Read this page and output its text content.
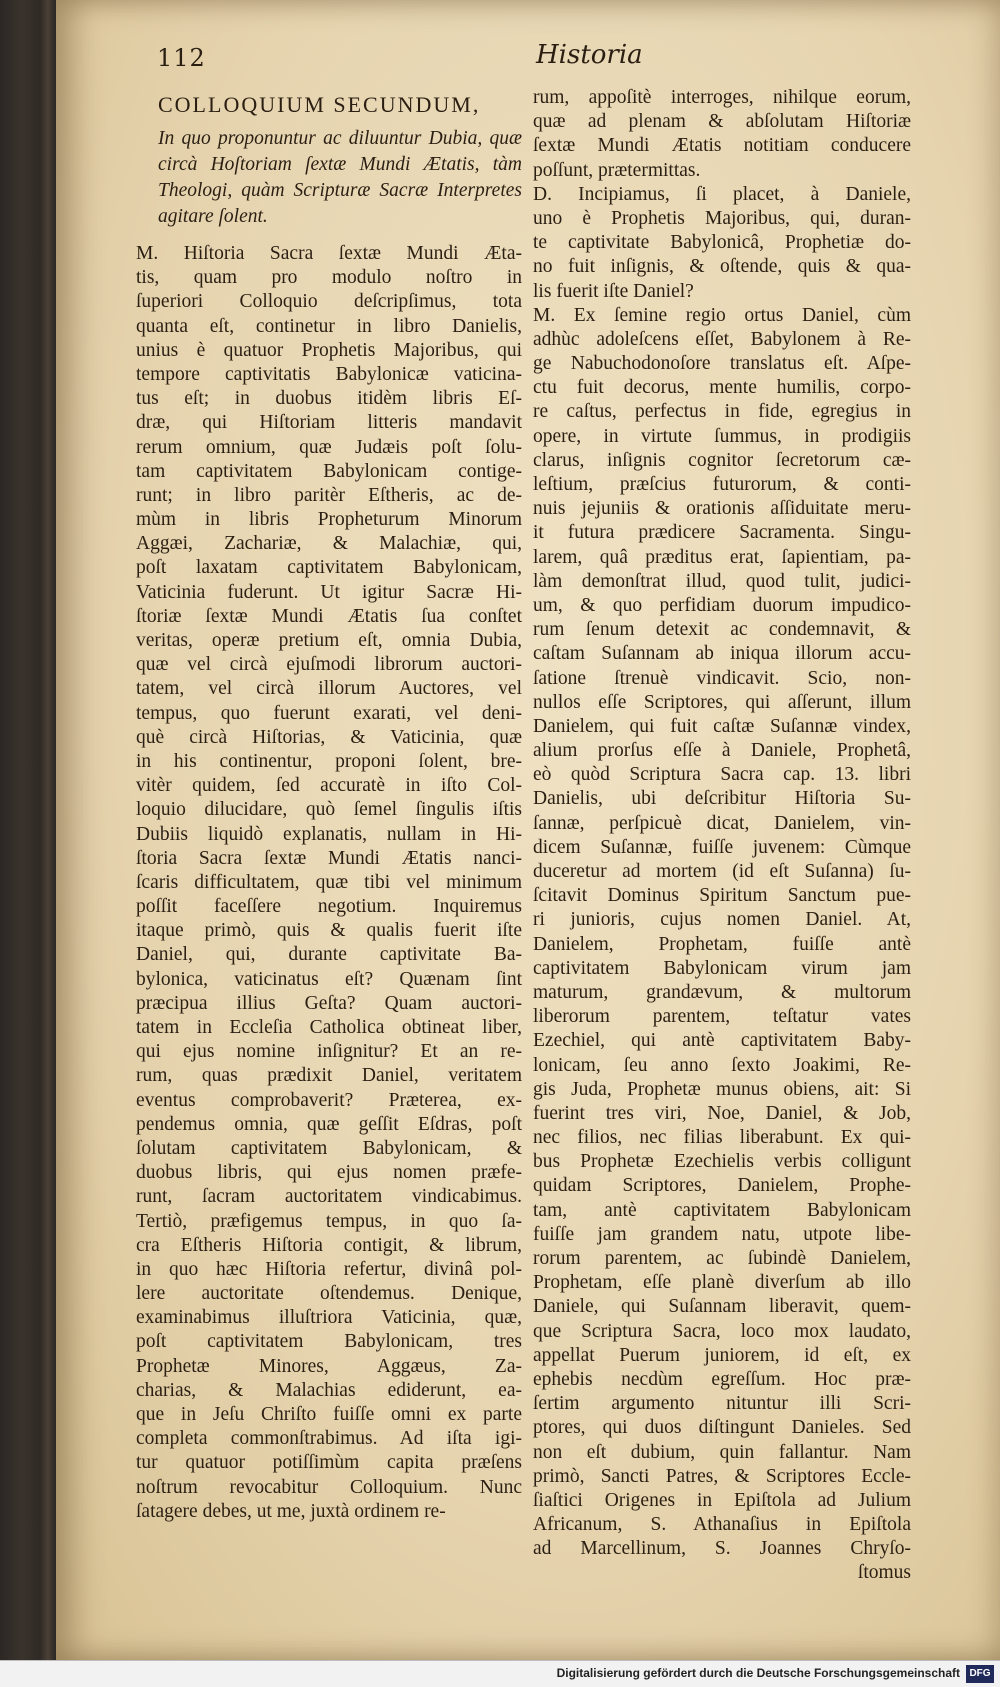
112	Historia
COLLOQUIUM SECUNDUM,
In quo proponuntur ac diluuntur Dubia, quæ circà Hoſtoriam ſextæ Mundi Ætatis, tàm Theologi, quàm Scripturæ Sacræ Interpretes agitare ſolent.
M. Hiſtoria Sacra ſextæ Mundi Æta-
tis, quam pro modulo noſtro in
ſuperiori Colloquio deſcripſimus, tota
quanta eſt, continetur in libro Danielis,
unius è quatuor Prophetis Majoribus, qui
tempore captivitatis Babylonicæ vaticina-
tus eſt; in duobus itidèm libris Eſ-
dræ, qui Hiſtoriam litteris mandavit
rerum omnium, quæ Judæis poſt ſolu-
tam captivitatem Babylonicam contige-
runt; in libro paritèr Eſtheris, ac de-
mùm in libris Propheturum Minorum
Aggæi, Zachariæ, & Malachiæ, qui,
poſt laxatam captivitatem Babylonicam,
Vaticinia fuderunt. Ut igitur Sacræ Hi-
ſtoriæ ſextæ Mundi Ætatis ſua conſtet
veritas, operæ pretium eſt, omnia Dubia,
quæ vel circà ejuſmodi librorum auctori-
tatem, vel circà illorum Auctores, vel
tempus, quo fuerunt exarati, vel deni-
què circà Hiſtorias, & Vaticinia, quæ
in his continentur, proponi ſolent, bre-
vitèr quidem, ſed accuratè in iſto Col-
loquio dilucidare, quò ſemel ſingulis iſtis
Dubiis liquidò explanatis, nullam in Hi-
ſtoria Sacra ſextæ Mundi Ætatis nanci-
ſcaris difficultatem, quæ tibi vel minimum
poſſit faceſſere negotium. Inquiremus
itaque primò, quis & qualis fuerit iſte
Daniel, qui, durante captivitate Ba-
bylonica, vaticinatus eſt? Quænam ſint
præcipua illius Geſta? Quam auctori-
tatem in Eccleſia Catholica obtineat liber,
qui ejus nomine inſignitur? Et an re-
rum, quas prædixit Daniel, veritatem
eventus comprobaverit? Præterea, ex-
pendemus omnia, quæ geſſit Eſdras, poſt
ſolutam captivitatem Babylonicam, &
duobus libris, qui ejus nomen præfe-
runt, ſacram auctoritatem vindicabimus.
Tertiò, præfigemus tempus, in quo ſa-
cra Eſtheris Hiſtoria contigit, & librum,
in quo hæc Hiſtoria refertur, divinâ pol-
lere auctoritate oſtendemus. Denique,
examinabimus illuſtriora Vaticinia, quæ,
poſt captivitatem Babylonicam, tres
Prophetæ Minores, Aggæus, Za-
charias, & Malachias ediderunt, ea-
que in Jeſu Chriſto fuiſſe omni ex parte
completa commonſtrabimus. Ad iſta igi-
tur quatuor potiſſimùm capita præſens
noſtrum revocabitur Colloquium. Nunc
ſatagere debes, ut me, juxtà ordinem re-
rum, appoſitè interroges, nihilque eorum,
quæ ad plenam & abſolutam Hiſtoriæ
ſextæ Mundi Ætatis notitiam conducere
poſſunt, prætermittas.
D. Incipiamus, ſi placet, à Daniele,
uno è Prophetis Majoribus, qui, duran-
te captivitate Babylonicâ, Prophetiæ do-
no fuit inſignis, & oſtende, quis & qua-
lis fuerit iſte Daniel?
M. Ex ſemine regio ortus Daniel, cùm
adhùc adoleſcens eſſet, Babylonem à Re-
ge Nabuchodonoſore translatus eſt. Aſpe-
ctu fuit decorus, mente humilis, corpo-
re caſtus, perfectus in fide, egregius in
opere, in virtute ſummus, in prodigiis
clarus, inſignis cognitor ſecretorum cæ-
leſtium, præſcius futurorum, & conti-
nuis jejuniis & orationis aſſiduitate meru-
it futura prædicere Sacramenta. Singu-
larem, quâ præditus erat, ſapientiam, pa-
làm demonſtrat illud, quod tulit, judici-
um, & quo perfidiam duorum impudico-
rum ſenum detexit ac condemnavit, &
caſtam Suſannam ab iniqua illorum accu-
ſatione ſtrenuè vindicavit. Scio, non-
nullos eſſe Scriptores, qui aſſerunt, illum
Danielem, qui fuit caſtæ Suſannæ vindex,
alium prorſus eſſe à Daniele, Prophetâ,
eò quòd Scriptura Sacra cap. 13. libri
Danielis, ubi deſcribitur Hiſtoria Su-
ſannæ, perſpicuè dicat, Danielem, vin-
dicem Suſannæ, fuiſſe juvenem: Cùmque
duceretur ad mortem (id eſt Suſanna) ſu-
ſcitavit Dominus Spiritum Sanctum pue-
ri junioris, cujus nomen Daniel. At,
Danielem, Prophetam, fuiſſe antè
captivitatem Babylonicam virum jam
maturum, grandævum, & multorum
liberorum parentem, teſtatur vates
Ezechiel, qui antè captivitatem Baby-
lonicam, ſeu anno ſexto Joakimi, Re-
gis Juda, Prophetæ munus obiens, ait: Si
fuerint tres viri, Noe, Daniel, & Job,
nec filios, nec filias liberabunt. Ex qui-
bus Prophetæ Ezechielis verbis colligunt
quidam Scriptores, Danielem, Prophe-
tam, antè captivitatem Babylonicam
fuiſſe jam grandem natu, utpote libe-
rorum parentem, ac ſubindè Danielem,
Prophetam, eſſe planè diverſum ab illo
Daniele, qui Suſannam liberavit, quem-
que Scriptura Sacra, loco mox laudato,
appellat Puerum juniorem, id eſt, ex
ephebis necdùm egreſſum. Hoc præ-
ſertim argumento nituntur illi Scri-
ptores, qui duos diſtingunt Danieles. Sed
non eſt dubium, quin fallantur. Nam
primò, Sancti Patres, & Scriptores Eccle-
ſiaſtici Origenes in Epiſtola ad Julium
Africanum, S. Athanaſius in Epiſtola
ad Marcellinum, S. Joannes Chryſo-
ſtomus
Digitalisierung gefördert durch die Deutsche Forschungsgemeinschaft DFG
